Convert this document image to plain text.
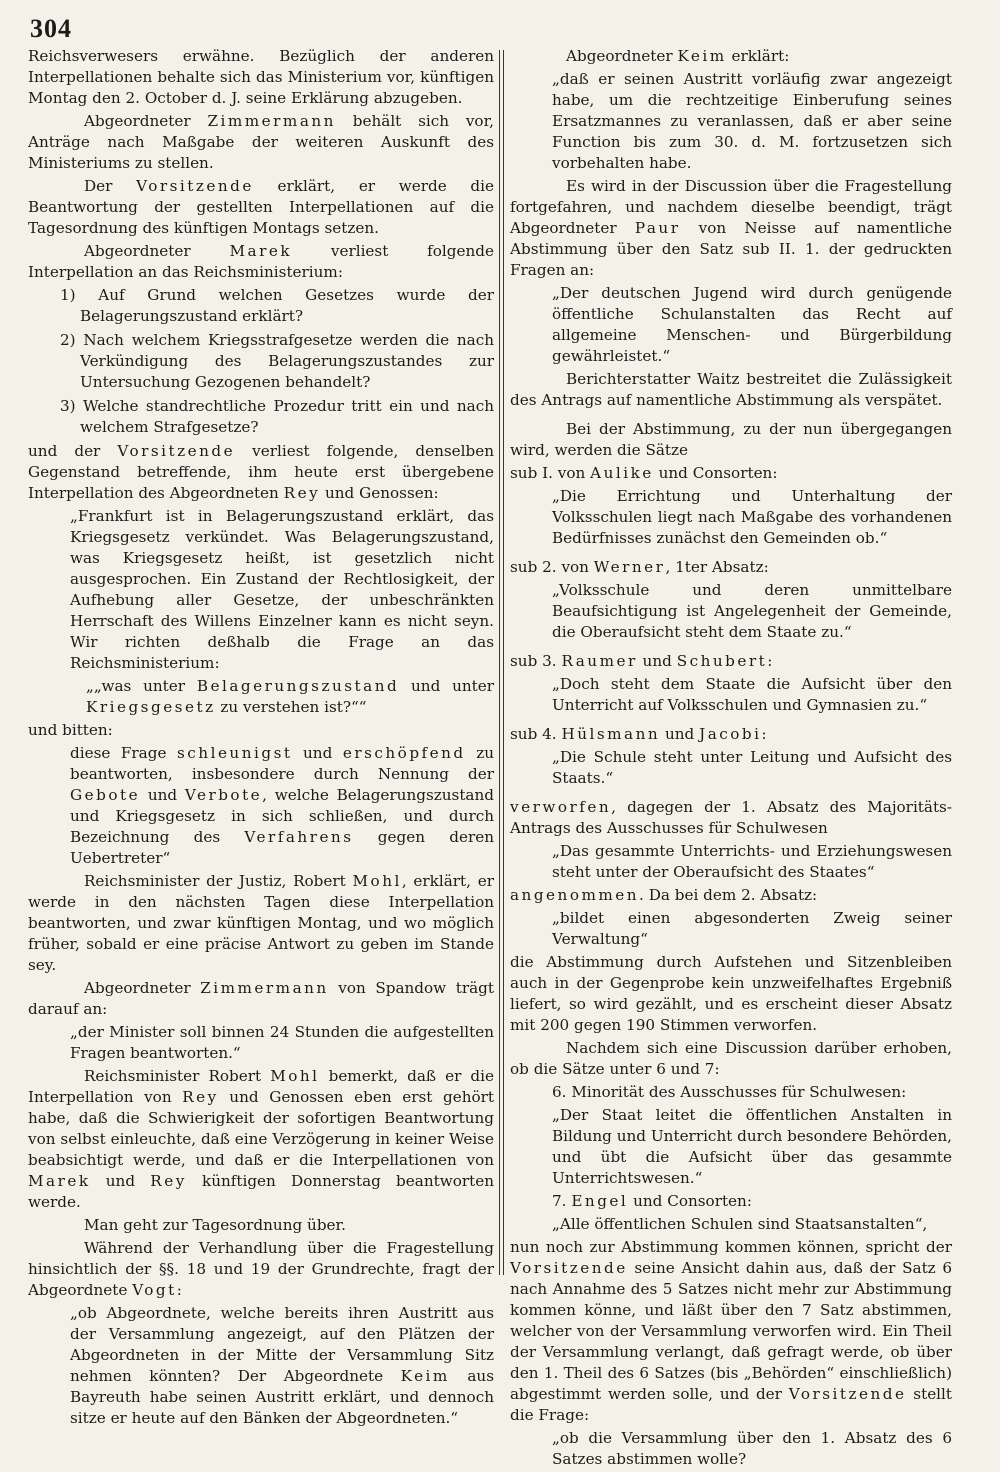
304

Reichsverwesers erwähne. Bezüglich der anderen Interpellationen behalte sich das Ministerium vor, künftigen Montag den 2. October d. J. seine Erklärung abzugeben.

Abgeordneter Zimmermann behält sich vor, Anträge nach Maßgabe der weiteren Auskunft des Ministeriums zu stellen.

Der Vorsitzende erklärt, er werde die Beantwortung der gestellten Interpellationen auf die Tagesordnung des künftigen Montags setzen.

Abgeordneter Marek verliest folgende Interpellation an das Reichsministerium:

1) Auf Grund welchen Gesetzes wurde der Belagerungszustand erklärt?

2) Nach welchem Kriegsstrafgesetze werden die nach Verkündigung des Belagerungszustandes zur Untersuchung Gezogenen behandelt?

3) Welche standrechtliche Prozedur tritt ein und nach welchem Strafgesetze?

und der Vorsitzende verliest folgende, denselben Gegenstand betreffende, ihm heute erst übergebene Interpellation des Abgeordneten Rey und Genossen:

„Frankfurt ist in Belagerungszustand erklärt, das Kriegsgesetz verkündet. Was Belagerungszustand, was Kriegsgesetz heißt, ist gesetzlich nicht ausgesprochen. Ein Zustand der Rechtlosigkeit, der Aufhebung aller Gesetze, der unbeschränkten Herrschaft des Willens Einzelner kann es nicht seyn. Wir richten deßhalb die Frage an das Reichsministerium:

„„was unter Belagerungszustand und unter Kriegsgesetz zu verstehen ist?““

und bitten:

diese Frage schleunigst und erschöpfend zu beantworten, insbesondere durch Nennung der Gebote und Verbote, welche Belagerungszustand und Kriegsgesetz in sich schließen, und durch Bezeichnung des Verfahrens gegen deren Uebertreter“

Reichsminister der Justiz, Robert Mohl, erklärt, er werde in den nächsten Tagen diese Interpellation beantworten, und zwar künftigen Montag, und wo möglich früher, sobald er eine präcise Antwort zu geben im Stande sey.

Abgeordneter Zimmermann von Spandow trägt darauf an:

„der Minister soll binnen 24 Stunden die aufgestellten Fragen beantworten.“

Reichsminister Robert Mohl bemerkt, daß er die Interpellation von Rey und Genossen eben erst gehört habe, daß die Schwierigkeit der sofortigen Beantwortung von selbst einleuchte, daß eine Verzögerung in keiner Weise beabsichtigt werde, und daß er die Interpellationen von Marek und Rey künftigen Donnerstag beantworten werde.

Man geht zur Tagesordnung über.

Während der Verhandlung über die Fragestellung hinsichtlich der §§. 18 und 19 der Grundrechte, fragt der Abgeordnete Vogt:

„ob Abgeordnete, welche bereits ihren Austritt aus der Versammlung angezeigt, auf den Plätzen der Abgeordneten in der Mitte der Versammlung Sitz nehmen könnten? Der Abgeordnete Keim aus Bayreuth habe seinen Austritt erklärt, und dennoch sitze er heute auf den Bänken der Abgeordneten.“

Abgeordneter Keim erklärt:

„daß er seinen Austritt vorläufig zwar angezeigt habe, um die rechtzeitige Einberufung seines Ersatzmannes zu veranlassen, daß er aber seine Function bis zum 30. d. M. fortzusetzen sich vorbehalten habe.

Es wird in der Discussion über die Fragestellung fortgefahren, und nachdem dieselbe beendigt, trägt Abgeordneter Paur von Neisse auf namentliche Abstimmung über den Satz sub II. 1. der gedruckten Fragen an:

„Der deutschen Jugend wird durch genügende öffentliche Schulanstalten das Recht auf allgemeine Menschen- und Bürgerbildung gewährleistet.“

Berichterstatter Waitz bestreitet die Zulässigkeit des Antrags auf namentliche Abstimmung als verspätet.

Bei der Abstimmung, zu der nun übergegangen wird, werden die Sätze

sub I. von Aulike und Consorten:

„Die Errichtung und Unterhaltung der Volksschulen liegt nach Maßgabe des vorhandenen Bedürfnisses zunächst den Gemeinden ob.“

sub 2. von Werner, 1ter Absatz:

„Volksschule und deren unmittelbare Beaufsichtigung ist Angelegenheit der Gemeinde, die Oberaufsicht steht dem Staate zu.“

sub 3. Raumer und Schubert:

„Doch steht dem Staate die Aufsicht über den Unterricht auf Volksschulen und Gymnasien zu.“

sub 4. Hülsmann und Jacobi:

„Die Schule steht unter Leitung und Aufsicht des Staats.“

verworfen, dagegen der 1. Absatz des Majoritäts-Antrags des Ausschusses für Schulwesen

„Das gesammte Unterrichts- und Erziehungswesen steht unter der Oberaufsicht des Staates“

angenommen. Da bei dem 2. Absatz:

„bildet einen abgesonderten Zweig seiner Verwaltung“

die Abstimmung durch Aufstehen und Sitzenbleiben auch in der Gegenprobe kein unzweifelhaftes Ergebniß liefert, so wird gezählt, und es erscheint dieser Absatz mit 200 gegen 190 Stimmen verworfen.

Nachdem sich eine Discussion darüber erhoben, ob die Sätze unter 6 und 7:

6. Minorität des Ausschusses für Schulwesen:

„Der Staat leitet die öffentlichen Anstalten in Bildung und Unterricht durch besondere Behörden, und übt die Aufsicht über das gesammte Unterrichtswesen.“

7. Engel und Consorten:

„Alle öffentlichen Schulen sind Staatsanstalten“,

nun noch zur Abstimmung kommen können, spricht der Vorsitzende seine Ansicht dahin aus, daß der Satz 6 nach Annahme des 5 Satzes nicht mehr zur Abstimmung kommen könne, und läßt über den 7 Satz abstimmen, welcher von der Versammlung verworfen wird. Ein Theil der Versammlung verlangt, daß gefragt werde, ob über den 1. Theil des 6 Satzes (bis „Behörden“ einschließlich) abgestimmt werden solle, und der Vorsitzende stellt die Frage:

„ob die Versammlung über den 1. Absatz des 6 Satzes abstimmen wolle?
